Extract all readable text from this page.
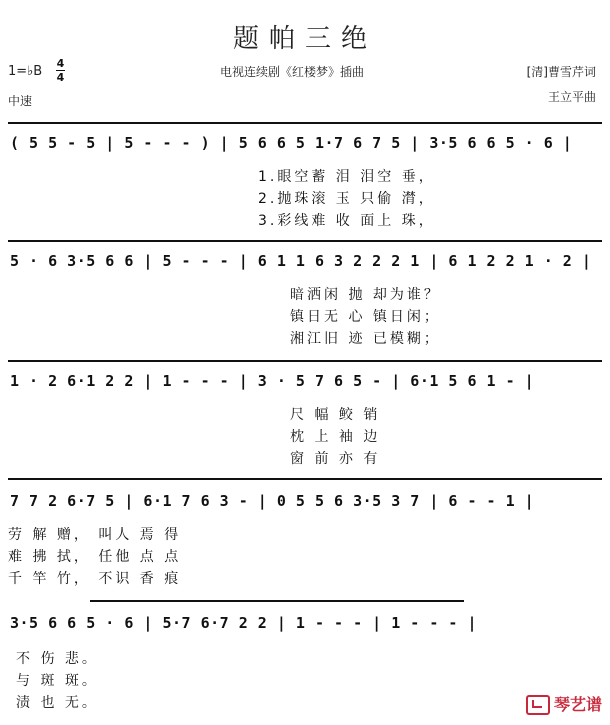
题帕三绝
1=♭B
4
4	电视连续剧《红楼梦》插曲	[清]曹雪芹词
王立平曲
中速
( 5 5 - 5 | 5 - - - ) | 5 6 6 5 1·7 6 7 5 | 3·5 6 6 5 · 6 |
1.眼空蓄 泪 泪空 垂，
2.抛珠滚 玉 只偷 潸，
3.彩线难 收 面上 珠，
5 · 6 3·5 6 6 | 5 - - - | 6 1 1 6 3 2 2 2 1 | 6 1 2 2 1 · 2 |
暗洒闲 抛 却为谁？
镇日无 心 镇日闲；
湘江旧 迹 已模糊；
1 · 2 6·1 2 2 | 1 - - - | 3 · 5 7 6 5 - | 6·1 5 6 1 - |
尺 幅 鲛 销
枕 上 袖 边
窗 前 亦 有
7 7 2 6·7 5 | 6·1 7 6 3 - | 0 5 5 6 3·5 3 7 | 6 - - 1 |
劳 解 赠， 叫人 焉 得
难 拂 拭， 任他 点 点
千 竿 竹， 不识 香 痕
3·5 6 6 5 · 6 | 5·7 6·7 2 2 | 1 - - - | 1 - - - |
不 伤 悲。
与 斑 斑。
渍 也 无。	琴艺谱
